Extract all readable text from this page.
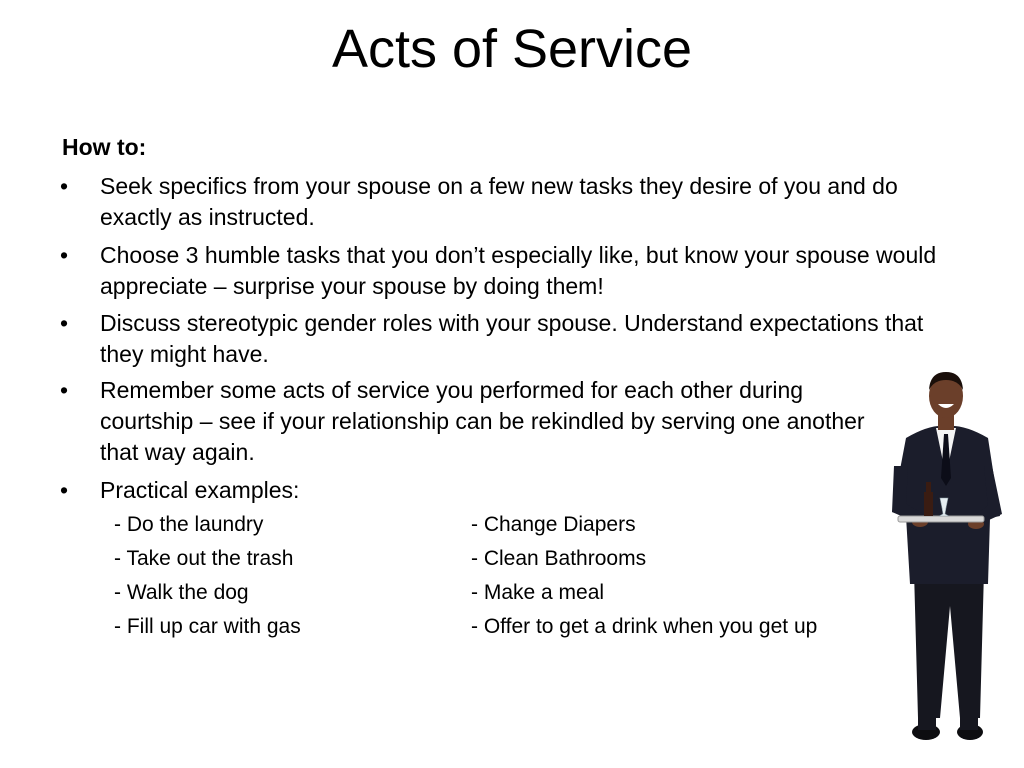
Acts of Service
How to:
• Seek specifics from your spouse on a few new tasks they desire of you and do exactly as instructed.
• Choose 3 humble tasks that you don’t especially like, but know your spouse would appreciate – surprise your spouse by doing them!
• Discuss stereotypic gender roles with your spouse. Understand expectations that they might have.
• Remember some acts of service you performed for each other during courtship – see if your relationship can be rekindled by serving one another that way again.
• Practical examples:
- Do the laundry
- Take out the trash
- Walk the dog
- Fill up car with gas
- Change Diapers
- Clean Bathrooms
- Make a meal
- Offer to get a drink when you get up
